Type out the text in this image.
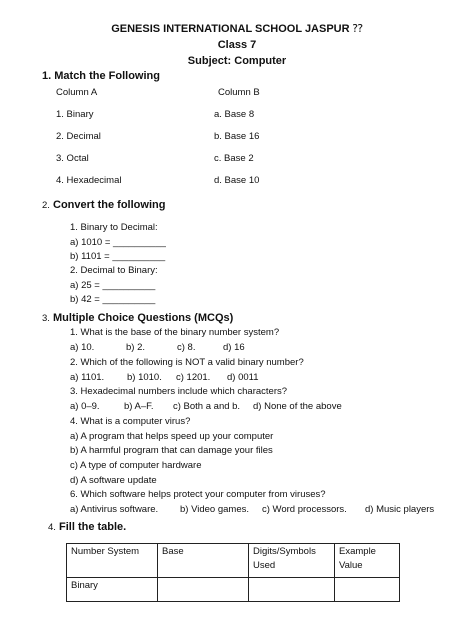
GENESIS INTERNATIONAL SCHOOL JASPUR ⁇
Class 7
Subject: Computer
1. Match the Following
Column A	Column B
1. Binary	a. Base 8
2. Decimal	b. Base 16
3. Octal	c. Base 2
4. Hexadecimal	d. Base 10
2. Convert the following
1. Binary to Decimal:
a) 1010 = __________
b) 1101 = __________
2. Decimal to Binary:
a) 25 = __________
b) 42 = __________
3. Multiple Choice Questions (MCQs)
1. What is the base of the binary number system?
a) 10.	b) 2.	c) 8.	d) 16
2. Which of the following is NOT a valid binary number?
a) 1101. b) 1010. c) 1201. d) 0011
3. Hexadecimal numbers include which characters?
a) 0–9.	b) A–F. c) Both a and b. d) None of the above
4. What is a computer virus?
a) A program that helps speed up your computer
b) A harmful program that can damage your files
c) A type of computer hardware
d) A software update
6. Which software helps protect your computer from viruses?
a) Antivirus software. b) Video games. c) Word processors. d) Music players
4. Fill the table.
Number System	Base	Digits/Symbols Used	Example Value
Binary			
